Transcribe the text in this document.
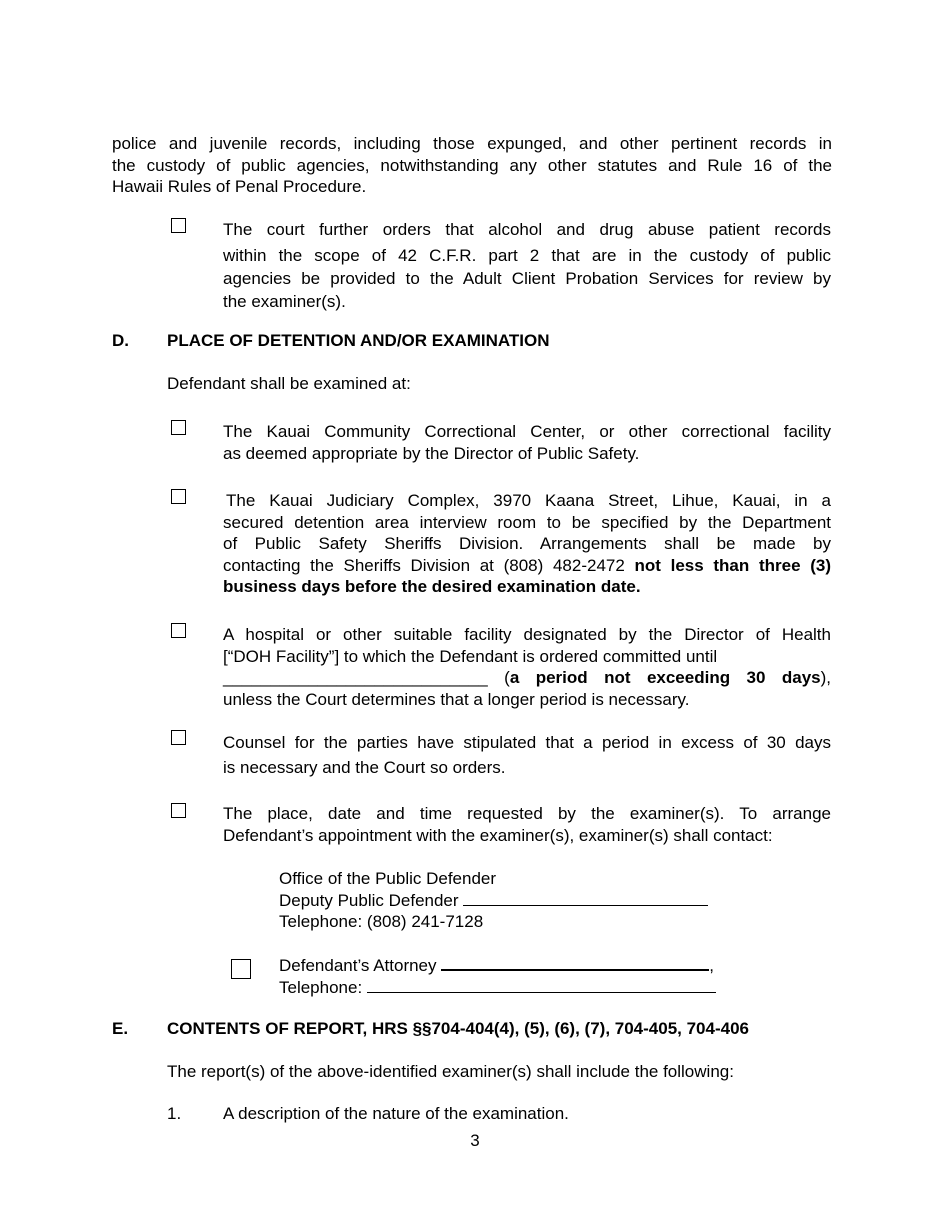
police and juvenile records, including those expunged, and other pertinent records in
the custody of public agencies, notwithstanding any other statutes and Rule 16 of the
Hawaii Rules of Penal Procedure.
The court further orders that alcohol and drug abuse patient records
within the scope of 42 C.F.R. part 2 that are in the custody of public
agencies be provided to the Adult Client Probation Services for review by
the examiner(s).
D. PLACE OF DETENTION AND/OR EXAMINATION
Defendant shall be examined at:
The Kauai Community Correctional Center, or other correctional facility
as deemed appropriate by the Director of Public Safety.
The Kauai Judiciary Complex, 3970 Kaana Street, Lihue, Kauai, in a
secured detention area interview room to be specified by the Department
of Public Safety Sheriffs Division. Arrangements shall be made by
contacting the Sheriffs Division at (808) 482-2472 not less than three (3)
business days before the desired examination date.
A hospital or other suitable facility designated by the Director of Health
[“DOH Facility”] to which the Defendant is ordered committed until
____________________________ (a period not exceeding 30 days),
unless the Court determines that a longer period is necessary.
Counsel for the parties have stipulated that a period in excess of 30 days
is necessary and the Court so orders.
The place, date and time requested by the examiner(s). To arrange
Defendant’s appointment with the examiner(s), examiner(s) shall contact:
Office of the Public Defender
Deputy Public Defender
Telephone: (808) 241-7128
Defendant’s Attorney	,
Telephone:
E. CONTENTS OF REPORT, HRS §§704-404(4), (5), (6), (7), 704-405, 704-406
The report(s) of the above-identified examiner(s) shall include the following:
1. A description of the nature of the examination.
3
